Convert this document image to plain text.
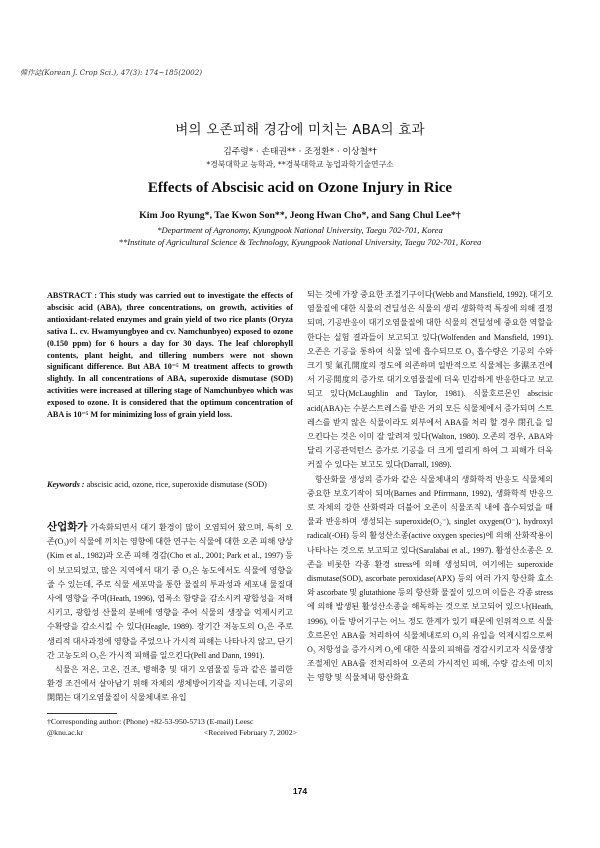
韓作誌(Korean J. Crop Sci.), 47(3): 174~185(2002)
벼의 오존피해 경감에 미치는 ABA의 효과
김주령* · 손태권** · 조정환* · 이상철*†
*경북대학교 농학과, **경북대학교 농업과학기술연구소
Effects of Abscisic acid on Ozone Injury in Rice
Kim Joo Ryung*, Tae Kwon Son**, Jeong Hwan Cho*, and Sang Chul Lee*†
*Department of Agronomy, Kyungpook National University, Taegu 702-701, Korea
**Institute of Agricultural Science & Technology, Kyungpook National University, Taegu 702-701, Korea
ABSTRACT : This study was carried out to investigate the effects of abscisic acid (ABA), three concentrations, on growth, activities of antioxidant-related enzymes and grain yield of two rice plants (Oryza sativa L. cv. Hwamyungbyeo and cv. Namchunbyeo) exposed to ozone (0.150 ppm) for 6 hours a day for 30 days. The leaf chlorophyll contents, plant height, and tillering numbers were not shown significant difference. But ABA 10⁻⁵ M treatment affects to growth slightly. In all concentrations of ABA, superoxide dismutase (SOD) activities were increased at tillering stage of Namchunbyeo which was exposed to ozone. It is considered that the optimum concentration of ABA is 10⁻⁵ M for minimizing loss of grain yield loss.
Keywords : abscisic acid, ozone, rice, superoxide dismutase (SOD)

산업화가 가속화되면서 대기 환경이 많이 오염되어 왔으며, 특히 오존(O₃)이 식물에 끼치는 영향에 대한 연구는 식물에 대한 오존 피해 양상(Kim et al., 1982)과 오존 피해 경감(Cho et al., 2001; Park et al., 1997) 등이 보고되었고, 많은 지역에서 대기 중 O₃은 농도에서도 식물에 영향을 줄 수 있는데, 주로 식물 세포막을 통한 물질의 투과성과 세포내 물질대사에 영향을 주며(Heath, 1996), 엽록소 함량을 감소시켜 광합성을 저해시키고, 광합성 산물의 분배에 영향을 주어 식물의 생장을 억제시키고 수확량을 감소시킬 수 있다(Heagle, 1989). 장기간 저농도의 O₃은 주로 생리적 대사과정에 영향을 주었으나 가시적 피해는 나타나지 않고, 단기간 고농도의 O₃은 가시적 피해를 일으킨다(Pell and Dann, 1991).

식물은 저온, 고온, 건조, 병해충 및 대기 오염물질 등과 같은 불리한 환경 조건에서 살아남기 위해 자체의 생체방어기작을 지니는데, 기공의 開閉는 대기오염물질이 식물체내로 유입

†Corresponding author: (Phone) +82-53-950-5713 (E-mail) Leesc
@knu.ac.kr	<Received February 7, 2002>

되는 것에 가장 중요한 조절기구이다(Webb and Mansfield, 1992). 대기오염물질에 대한 식물의 견딜성은 식물의 생리 생화학적 특징에 의해 결정되며, 기공반응이 대기오염물질에 대한 식물의 견딜성에 중요한 역할을 한다는 실험 결과들이 보고되고 있다(Wolfenden and Mansfield, 1991). 오존은 기공을 통하여 식물 잎에 흡수되므로 O₃ 흡수량은 기공의 수와 크기 및 氣孔開度의 정도에 의존하며 일반적으로 식물체는 多濕조건에서 기공開度의 증가로 대기오염물질에 더욱 민감하게 반응한다고 보고되고 있다(McLaughlin and Taylor, 1981). 식물호르몬인 abscisic acid(ABA)는 수분스트레스를 받은 거의 모든 식물체에서 증가되며 스트레스를 받지 않은 식물이라도 외부에서 ABA를 처리 할 경우 閉孔을 일으킨다는 것은 이미 잘 알려져 있다(Walton, 1980). 오존의 경우, ABA와 달리 기공관덕턴스 증가로 기공을 더 크게 열리게 하여 그 피해가 더욱 커질 수 있다는 보고도 있다(Darrall, 1989).

항산화물 생성의 증가와 같은 식물체내의 생화학적 반응도 식물체의 중요한 보호기작이 되며(Barnes and Pfirrmann, 1992), 생화학적 반응으로 자체의 강한 산화력과 더불어 오존이 식물조직 내에 흡수되었을 때 물과 반응하며 생성되는 superoxide(O₂⁻), singlet oxygen(O⁻), hydroxyl radical(-OH) 등의 활성산소종(active oxygen species)에 의해 산화작용이 나타나는 것으로 보고되고 있다(Saralabai et al., 1997). 활성산소종은 오존을 비롯한 각종 환경 stress에 의해 생성되며, 여기에는 superoxide dismutase(SOD), ascorbate peroxidase(APX) 등의 여러 가지 항산화 효소와 ascorbate 및 glutathione 등의 항산화 물질이 있으며 이들은 각종 stress에 의해 발생된 활성산소종을 해독하는 것으로 보고되어 있으나(Heath, 1996), 이들 방어기구는 어느 정도 한계가 있기 때문에 인위적으로 식물호르몬인 ABA를 처리하여 식물체내로의 O₃의 유입을 억제시킴으로써 O₃ 저항성을 증가시켜 O₃에 대한 식물의 피해를 경감시키고자 식물생장조절제인 ABA를 전처리하여 오존의 가시적인 피해, 수량 감소에 미치는 영향 및 식물체내 항산화효

174
